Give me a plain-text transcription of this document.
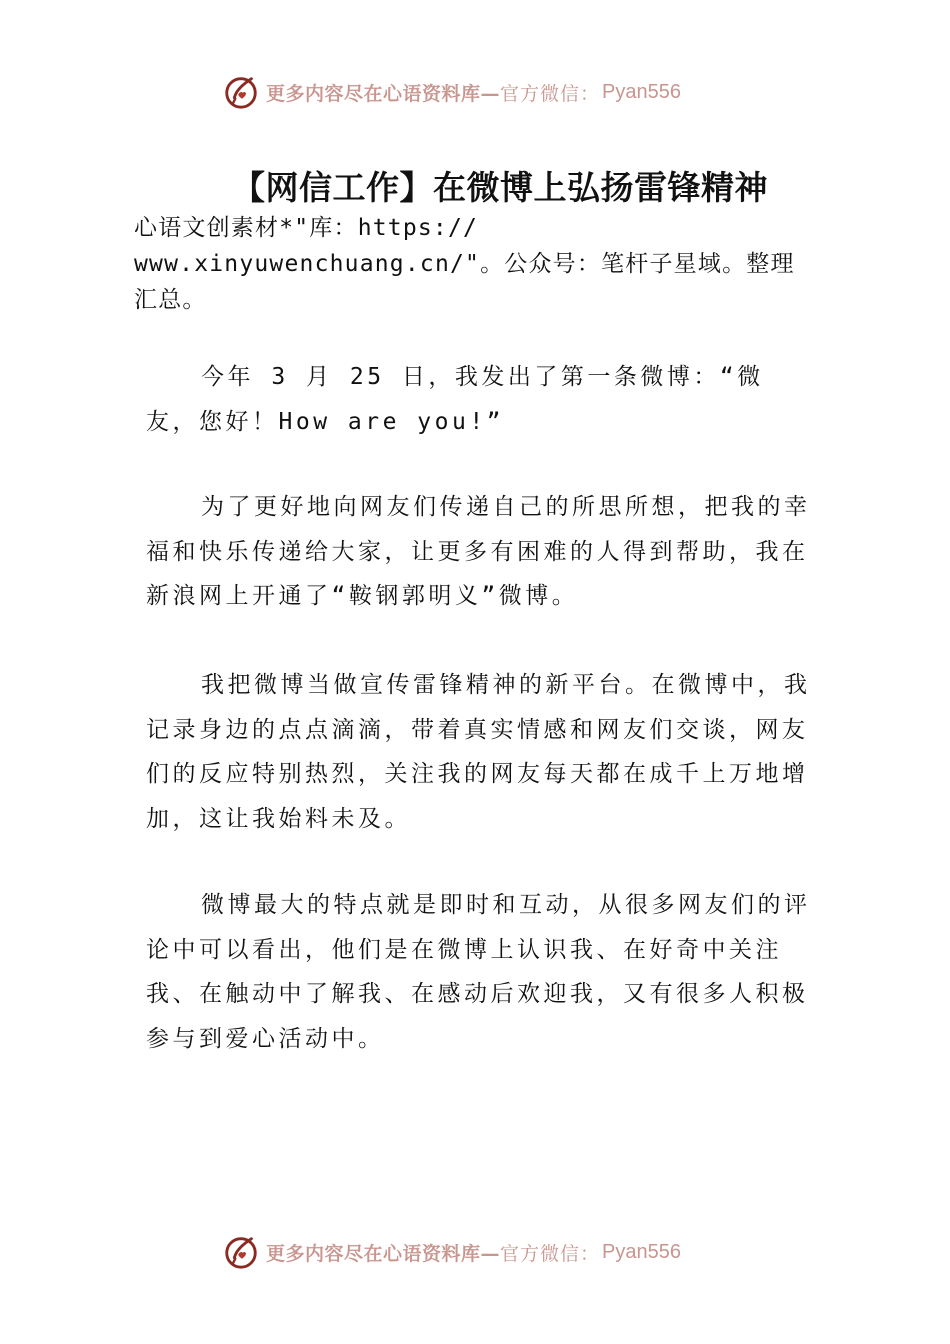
更多内容尽在心语资料库— 官方微信： Pyan556
【网信工作】在微博上弘扬雷锋精神
心语文创素材*"库：https:// www.xinyuwenchuang.cn/"。公众号：笔杆子星域。整理汇总。

今年 3 月 25 日，我发出了第一条微博：“微友，您好！How are you!”

为了更好地向网友们传递自己的所思所想，把我的幸福和快乐传递给大家，让更多有困难的人得到帮助，我在新浪网上开通了“鞍钢郭明义”微博。

我把微博当做宣传雷锋精神的新平台。在微博中，我记录身边的点点滴滴，带着真实情感和网友们交谈，网友们的反应特别热烈，关注我的网友每天都在成千上万地增加，这让我始料未及。

微博最大的特点就是即时和互动，从很多网友们的评论中可以看出，他们是在微博上认识我、在好奇中关注我、在触动中了解我、在感动后欢迎我，又有很多人积极参与到爱心活动中。

更多内容尽在心语资料库— 官方微信： Pyan556
